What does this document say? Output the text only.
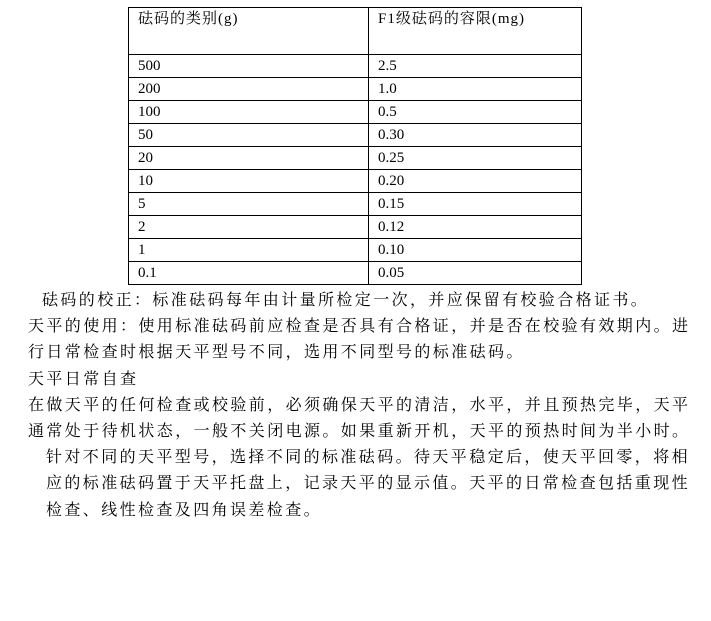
砝码的类别(g)	F1级砝码的容限(mg)
500	2.5
200	1.0
100	0.5
50	0.30
20	0.25
10	0.20
5	0.15
2	0.12
1	0.10
0.1	0.05

砝码的校正：标准砝码每年由计量所检定一次，并应保留有校验合格证书。

天平的使用：使用标准砝码前应检查是否具有合格证，并是否在校验有效期内。进行日常检查时根据天平型号不同，选用不同型号的标准砝码。

天平日常自查

在做天平的任何检查或校验前，必须确保天平的清洁，水平，并且预热完毕，天平通常处于待机状态，一般不关闭电源。如果重新开机，天平的预热时间为半小时。

针对不同的天平型号，选择不同的标准砝码。待天平稳定后，使天平回零，将相应的标准砝码置于天平托盘上，记录天平的显示值。天平的日常检查包括重现性检查、线性检查及四角误差检查。
